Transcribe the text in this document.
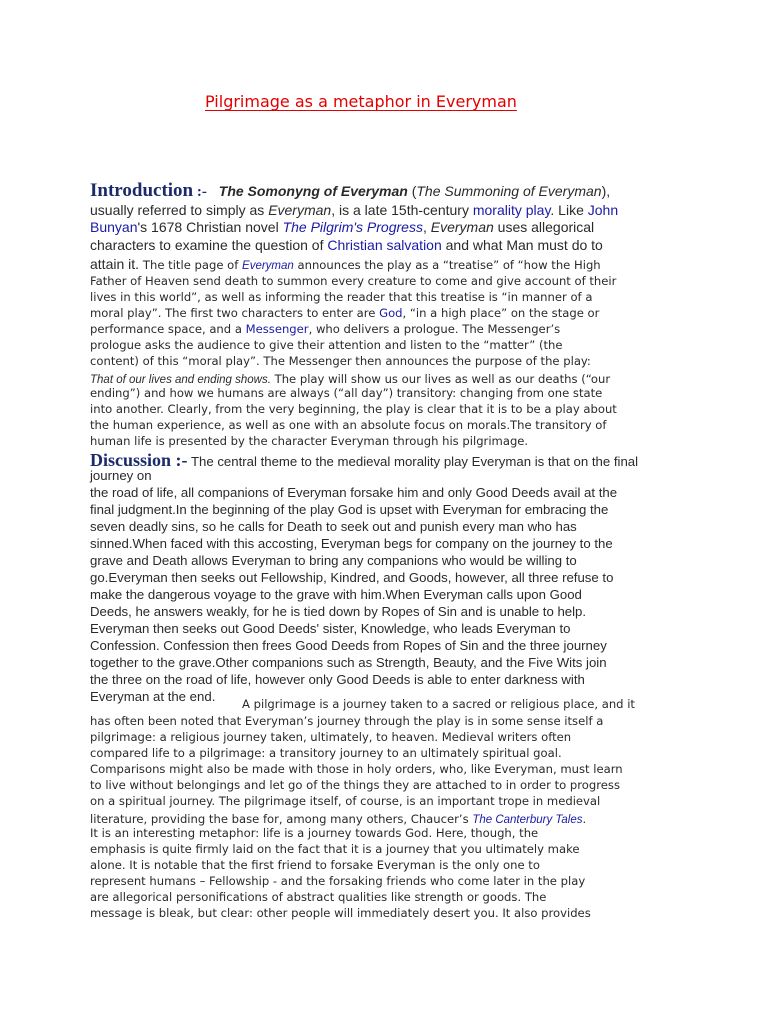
Pilgrimage as a metaphor in Everyman
Introduction :- The Somonyng of Everyman (The Summoning of Everyman),
usually referred to simply as Everyman, is a late 15th-century morality play. Like John
Bunyan's 1678 Christian novel The Pilgrim's Progress, Everyman uses allegorical
characters to examine the question of Christian salvation and what Man must do to
attain it. The title page of Everyman announces the play as a “treatise” of “how the High
Father of Heaven send death to summon every creature to come and give account of their
lives in this world”, as well as informing the reader that this treatise is “in manner of a
moral play”. The first two characters to enter are God, “in a high place” on the stage or
performance space, and a Messenger, who delivers a prologue. The Messenger’s
prologue asks the audience to give their attention and listen to the “matter” (the
content) of this “moral play”. The Messenger then announces the purpose of the play:
That of our lives and ending shows. The play will show us our lives as well as our deaths (“our
ending”) and how we humans are always (“all day”) transitory: changing from one state
into another. Clearly, from the very beginning, the play is clear that it is to be a play about
the human experience, as well as one with an absolute focus on morals.The transitory of
human life is presented by the character Everyman through his pilgrimage.
Discussion :- The central theme to the medieval morality play Everyman is that on the final
journey on
the road of life, all companions of Everyman forsake him and only Good Deeds avail at the
final judgment.In the beginning of the play God is upset with Everyman for embracing the
seven deadly sins, so he calls for Death to seek out and punish every man who has
sinned.When faced with this accosting, Everyman begs for company on the journey to the
grave and Death allows Everyman to bring any companions who would be willing to
go.Everyman then seeks out Fellowship, Kindred, and Goods, however, all three refuse to
make the dangerous voyage to the grave with him.When Everyman calls upon Good
Deeds, he answers weakly, for he is tied down by Ropes of Sin and is unable to help.
Everyman then seeks out Good Deeds' sister, Knowledge, who leads Everyman to
Confession. Confession then frees Good Deeds from Ropes of Sin and the three journey
together to the grave.Other companions such as Strength, Beauty, and the Five Wits join
the three on the road of life, however only Good Deeds is able to enter darkness with
Everyman at the end. A pilgrimage is a journey taken to a sacred or religious place, and it
has often been noted that Everyman’s journey through the play is in some sense itself a
pilgrimage: a religious journey taken, ultimately, to heaven. Medieval writers often
compared life to a pilgrimage: a transitory journey to an ultimately spiritual goal.
Comparisons might also be made with those in holy orders, who, like Everyman, must learn
to live without belongings and let go of the things they are attached to in order to progress
on a spiritual journey. The pilgrimage itself, of course, is an important trope in medieval
literature, providing the base for, among many others, Chaucer’s The Canterbury Tales.
It is an interesting metaphor: life is a journey towards God. Here, though, the
emphasis is quite firmly laid on the fact that it is a journey that you ultimately make
alone. It is notable that the first friend to forsake Everyman is the only one to
represent humans – Fellowship - and the forsaking friends who come later in the play
are allegorical personifications of abstract qualities like strength or goods. The
message is bleak, but clear: other people will immediately desert you. It also provides
